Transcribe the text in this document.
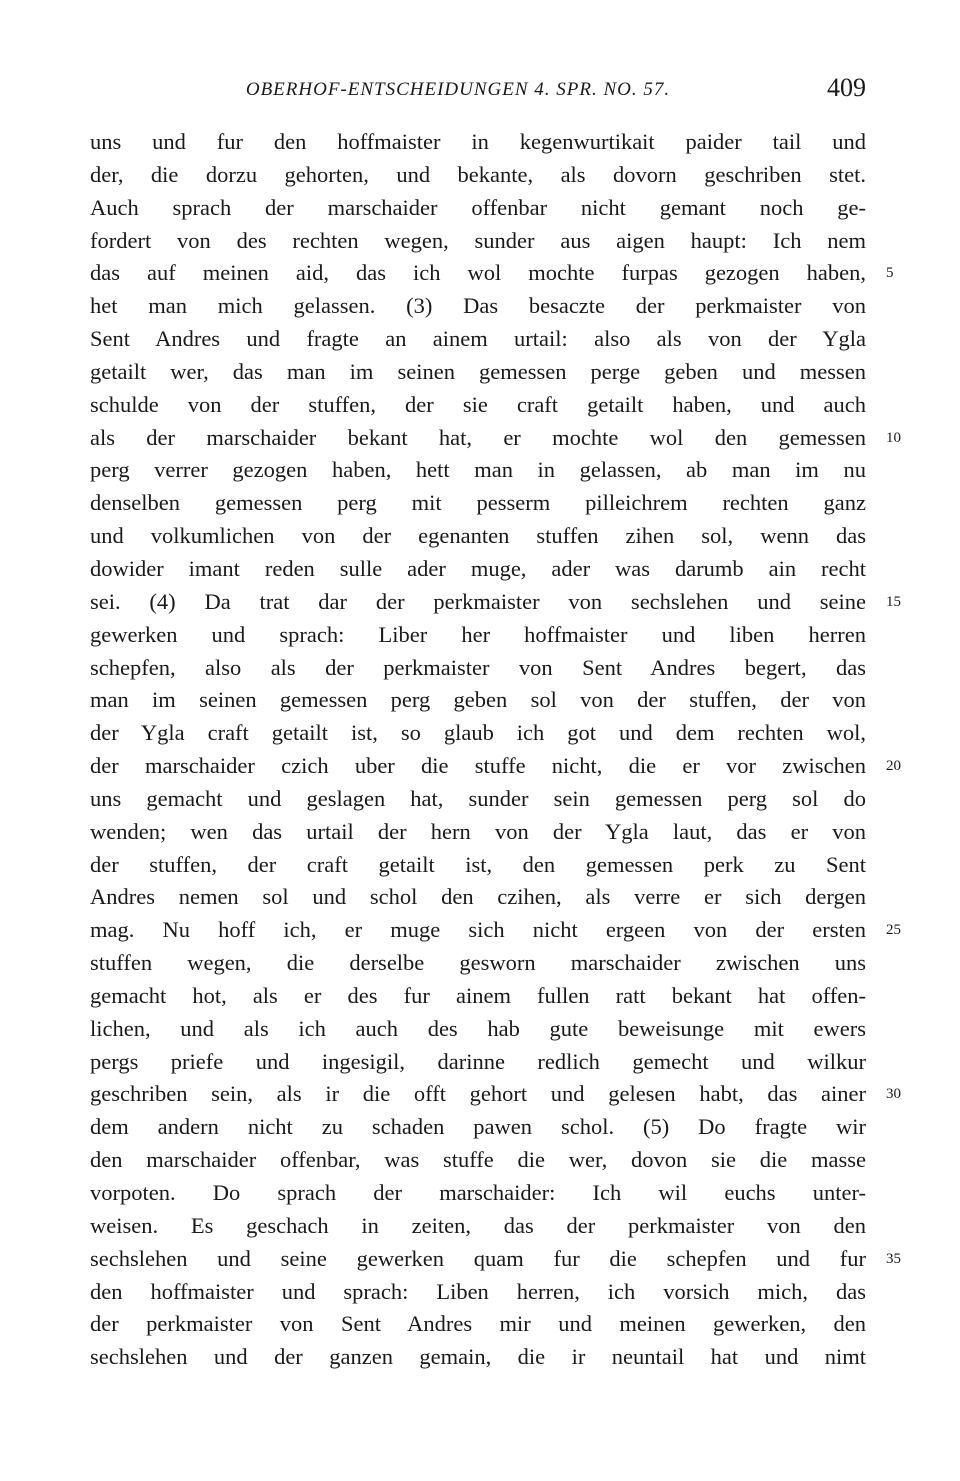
OBERHOF-ENTSCHEIDUNGEN 4. SPR. NO. 57.	409
uns und fur den hoffmaister in kegenwurtikait paider tail und
der, die dorzu gehorten, und bekante, als dovorn geschriben stet.
Auch sprach der marschaider offenbar nicht gemant noch ge-
fordert von des rechten wegen, sunder aus aigen haupt: Ich nem
das auf meinen aid, das ich wol mochte furpas gezogen haben, 5
het man mich gelassen. (3) Das besaczte der perkmaister von
Sent Andres und fragte an ainem urtail: also als von der Ygla
getailt wer, das man im seinen gemessen perge geben und messen
schulde von der stuffen, der sie craft getailt haben, und auch
als der marschaider bekant hat, er mochte wol den gemessen 10
perg verrer gezogen haben, hett man in gelassen, ab man im nu
denselben gemessen perg mit pesserm pilleichrem rechten ganz
und volkumlichen von der egenanten stuffen zihen sol, wenn das
dowider imant reden sulle ader muge, ader was darumb ain recht
sei. (4) Da trat dar der perkmaister von sechslehen und seine 15
gewerken und sprach: Liber her hoffmaister und liben herren
schepfen, also als der perkmaister von Sent Andres begert, das
man im seinen gemessen perg geben sol von der stuffen, der von
der Ygla craft getailt ist, so glaub ich got und dem rechten wol,
der marschaider czich uber die stuffe nicht, die er vor zwischen 20
uns gemacht und geslagen hat, sunder sein gemessen perg sol do
wenden; wen das urtail der hern von der Ygla laut, das er von
der stuffen, der craft getailt ist, den gemessen perk zu Sent
Andres nemen sol und schol den czihen, als verre er sich dergen
mag. Nu hoff ich, er muge sich nicht ergeen von der ersten 25
stuffen wegen, die derselbe gesworn marschaider zwischen uns
gemacht hot, als er des fur ainem fullen ratt bekant hat offen-
lichen, und als ich auch des hab gute beweisunge mit ewers
pergs priefe und ingesigil, darinne redlich gemecht und wilkur
geschriben sein, als ir die offt gehort und gelesen habt, das ainer 30
dem andern nicht zu schaden pawen schol. (5) Do fragte wir
den marschaider offenbar, was stuffe die wer, dovon sie die masse
vorpoten. Do sprach der marschaider: Ich wil euchs unter-
weisen. Es geschach in zeiten, das der perkmaister von den
sechslehen und seine gewerken quam fur die schepfen und fur 35
den hoffmaister und sprach: Liben herren, ich vorsich mich, das
der perkmaister von Sent Andres mir und meinen gewerken, den
sechslehen und der ganzen gemain, die ir neuntail hat und nimt
